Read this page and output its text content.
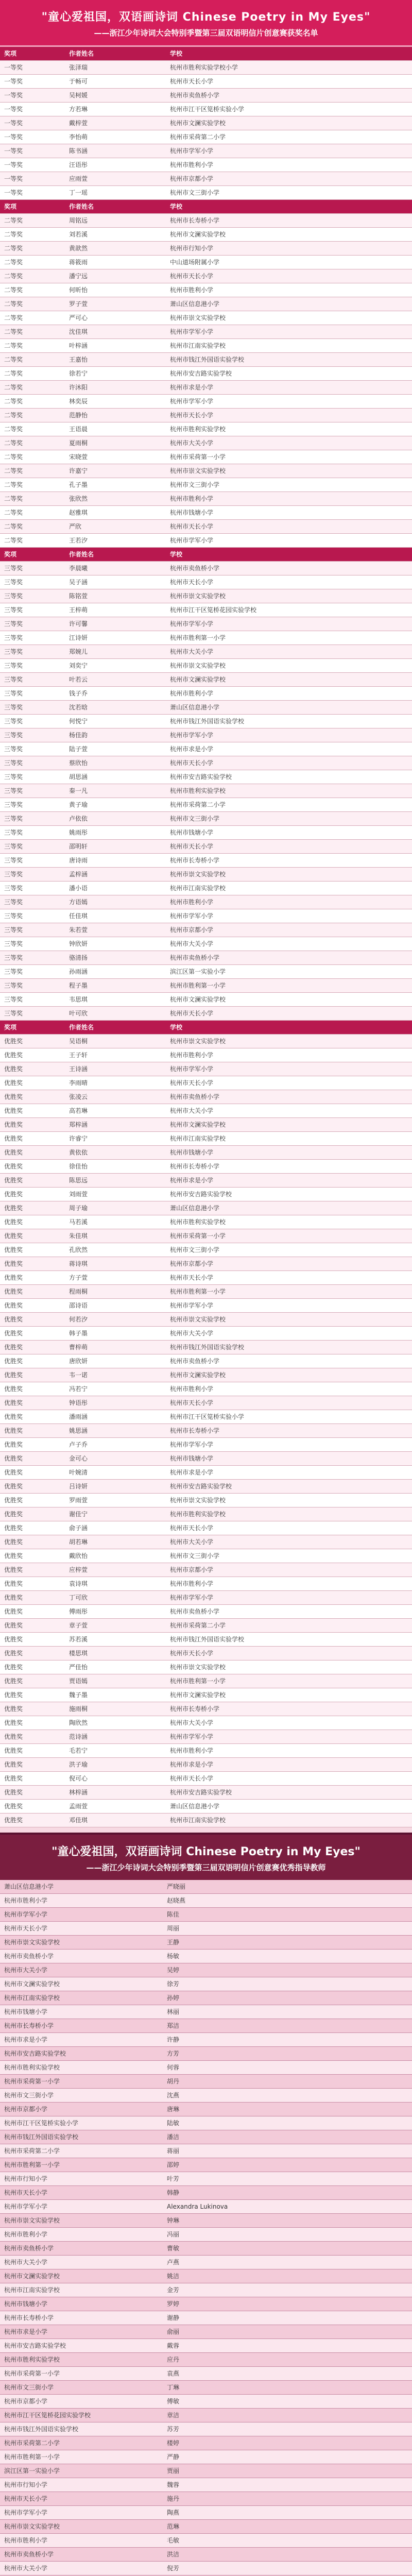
"童心爱祖国，双语画诗词 Chinese Poetry in My Eyes"
——浙江少年诗词大会特别季暨第三届双语明信片创意赛获奖名单
奖项	作者姓名	学校
一等奖	张泽瑞	杭州市胜利实验学校小学
一等奖	于畅可	杭州市天长小学
一等奖	吴柯媛	杭州市卖鱼桥小学
一等奖	方若琳	杭州市江干区笕桥实验小学
一等奖	戴梓萱	杭州市文澜实验学校
一等奖	李怡萌	杭州市采荷第二小学
一等奖	陈书涵	杭州市学军小学
一等奖	汪语彤	杭州市胜利小学
一等奖	应雨萱	杭州市京都小学
一等奖	丁一瑶	杭州市文三街小学
奖项	作者姓名	学校
二等奖	周铭远	杭州市长寿桥小学
二等奖	刘若溪	杭州市文澜实验学校
二等奖	黄歆然	杭州市行知小学
二等奖	蒋筱雨	中山道场附属小学
二等奖	潘宁远	杭州市天长小学
二等奖	何昕怡	杭州市胜利小学
二等奖	罗子萱	萧山区信息港小学
二等奖	严可心	杭州市崇文实验学校
二等奖	沈佳琪	杭州市学军小学
二等奖	叶梓涵	杭州市江南实验学校
二等奖	王嘉怡	杭州市钱江外国语实验学校
二等奖	徐若宁	杭州市安吉路实验学校
二等奖	许沐阳	杭州市求是小学
二等奖	林奕辰	杭州市学军小学
二等奖	范静怡	杭州市天长小学
二等奖	王语晨	杭州市胜利实验学校
二等奖	夏雨桐	杭州市大关小学
二等奖	宋晓萱	杭州市采荷第一小学
二等奖	许嘉宁	杭州市崇文实验学校
二等奖	孔子墨	杭州市文三街小学
二等奖	张欣然	杭州市胜利小学
二等奖	赵雅琪	杭州市钱塘小学
二等奖	严欣	杭州市天长小学
二等奖	王若汐	杭州市学军小学
奖项	作者姓名	学校
三等奖	李晨曦	杭州市卖鱼桥小学
三等奖	吴子涵	杭州市天长小学
三等奖	陈铭萱	杭州市崇文实验学校
三等奖	王梓萌	杭州市江干区笕桥花园实验学校
三等奖	许可馨	杭州市学军小学
三等奖	江诗妍	杭州市胜利第一小学
三等奖	郑婉儿	杭州市大关小学
三等奖	刘奕宁	杭州市崇文实验学校
三等奖	叶若云	杭州市文澜实验学校
三等奖	钱子乔	杭州市胜利小学
三等奖	沈若晗	萧山区信息港小学
三等奖	何悦宁	杭州市钱江外国语实验学校
三等奖	杨佳韵	杭州市学军小学
三等奖	陆子萱	杭州市求是小学
三等奖	蔡欣怡	杭州市天长小学
三等奖	胡思涵	杭州市安吉路实验学校
三等奖	秦一凡	杭州市胜利实验学校
三等奖	黄子瑜	杭州市采荷第二小学
三等奖	卢依依	杭州市文三街小学
三等奖	姚雨彤	杭州市钱塘小学
三等奖	邵明轩	杭州市天长小学
三等奖	唐诗雨	杭州市长寿桥小学
三等奖	孟梓涵	杭州市崇文实验学校
三等奖	潘小语	杭州市江南实验学校
三等奖	方语嫣	杭州市胜利小学
三等奖	任佳琪	杭州市学军小学
三等奖	朱若萱	杭州市京都小学
三等奖	钟欣妍	杭州市大关小学
三等奖	骆清扬	杭州市卖鱼桥小学
三等奖	孙雨涵	滨江区第一实验小学
三等奖	程子墨	杭州市胜利第一小学
三等奖	韦思琪	杭州市文澜实验学校
三等奖	叶可欣	杭州市天长小学
奖项	作者姓名	学校
优胜奖	吴语桐	杭州市崇文实验学校
优胜奖	王子轩	杭州市胜利小学
优胜奖	王诗涵	杭州市学军小学
优胜奖	李雨晴	杭州市天长小学
优胜奖	张凌云	杭州市卖鱼桥小学
优胜奖	高若琳	杭州市大关小学
优胜奖	郑梓涵	杭州市文澜实验学校
优胜奖	许睿宁	杭州市江南实验学校
优胜奖	黄依依	杭州市钱塘小学
优胜奖	徐佳怡	杭州市长寿桥小学
优胜奖	陈思远	杭州市求是小学
优胜奖	刘雨萱	杭州市安吉路实验学校
优胜奖	周子瑜	萧山区信息港小学
优胜奖	马若溪	杭州市胜利实验学校
优胜奖	朱佳琪	杭州市采荷第一小学
优胜奖	孔欣然	杭州市文三街小学
优胜奖	蒋诗琪	杭州市京都小学
优胜奖	方子萱	杭州市天长小学
优胜奖	程雨桐	杭州市胜利第一小学
优胜奖	邵诗语	杭州市学军小学
优胜奖	何若汐	杭州市崇文实验学校
优胜奖	韩子墨	杭州市大关小学
优胜奖	曹梓萌	杭州市钱江外国语实验学校
优胜奖	唐欣妍	杭州市卖鱼桥小学
优胜奖	韦一诺	杭州市文澜实验学校
优胜奖	冯若宁	杭州市胜利小学
优胜奖	钟语彤	杭州市天长小学
优胜奖	潘雨涵	杭州市江干区笕桥实验小学
优胜奖	姚思涵	杭州市长寿桥小学
优胜奖	卢子乔	杭州市学军小学
优胜奖	金可心	杭州市钱塘小学
优胜奖	叶婉清	杭州市求是小学
优胜奖	吕诗妍	杭州市安吉路实验学校
优胜奖	罗雨萱	杭州市崇文实验学校
优胜奖	谢佳宁	杭州市胜利实验学校
优胜奖	俞子涵	杭州市天长小学
优胜奖	胡若琳	杭州市大关小学
优胜奖	戴欣怡	杭州市文三街小学
优胜奖	应梓萱	杭州市京都小学
优胜奖	袁诗琪	杭州市胜利小学
优胜奖	丁可欣	杭州市学军小学
优胜奖	傅雨彤	杭州市卖鱼桥小学
优胜奖	章子萱	杭州市采荷第二小学
优胜奖	苏若溪	杭州市钱江外国语实验学校
优胜奖	楼思琪	杭州市天长小学
优胜奖	严佳怡	杭州市崇文实验学校
优胜奖	贾语嫣	杭州市胜利第一小学
优胜奖	魏子墨	杭州市文澜实验学校
优胜奖	施雨桐	杭州市长寿桥小学
优胜奖	陶欣然	杭州市大关小学
优胜奖	范诗涵	杭州市学军小学
优胜奖	毛若宁	杭州市胜利小学
优胜奖	洪子瑜	杭州市求是小学
优胜奖	倪可心	杭州市天长小学
优胜奖	林梓涵	杭州市安吉路实验学校
优胜奖	孟雨萱	萧山区信息港小学
优胜奖	邓佳琪	杭州市江南实验学校
"童心爱祖国，双语画诗词 Chinese Poetry in My Eyes"
——浙江少年诗词大会特别季暨第三届双语明信片创意赛优秀指导教师
萧山区信息港小学	严晓丽
杭州市胜利小学	赵晓燕
杭州市学军小学	陈佳
杭州市天长小学	周丽
杭州市崇文实验学校	王静
杭州市卖鱼桥小学	杨敏
杭州市大关小学	吴婷
杭州市文澜实验学校	徐芳
杭州市江南实验学校	孙婷
杭州市钱塘小学	林丽
杭州市长寿桥小学	郑洁
杭州市求是小学	许静
杭州市安吉路实验学校	方芳
杭州市胜利实验学校	何蓉
杭州市采荷第一小学	胡丹
杭州市文三街小学	沈燕
杭州市京都小学	唐琳
杭州市江干区笕桥实验小学	陆敏
杭州市钱江外国语实验学校	潘洁
杭州市采荷第二小学	蒋丽
杭州市胜利第一小学	邵婷
杭州市行知小学	叶芳
杭州市天长小学	韩静
杭州市学军小学	Alexandra Lukinova
杭州市崇文实验学校	钟琳
杭州市胜利小学	冯丽
杭州市卖鱼桥小学	曹敏
杭州市大关小学	卢燕
杭州市文澜实验学校	姚洁
杭州市江南实验学校	金芳
杭州市钱塘小学	罗婷
杭州市长寿桥小学	谢静
杭州市求是小学	俞丽
杭州市安吉路实验学校	戴蓉
杭州市胜利实验学校	应丹
杭州市采荷第一小学	袁燕
杭州市文三街小学	丁琳
杭州市京都小学	傅敏
杭州市江干区笕桥花园实验学校	章洁
杭州市钱江外国语实验学校	苏芳
杭州市采荷第二小学	楼婷
杭州市胜利第一小学	严静
滨江区第一实验小学	贾丽
杭州市行知小学	魏蓉
杭州市天长小学	施丹
杭州市学军小学	陶燕
杭州市崇文实验学校	范琳
杭州市胜利小学	毛敏
杭州市卖鱼桥小学	洪洁
杭州市大关小学	倪芳
